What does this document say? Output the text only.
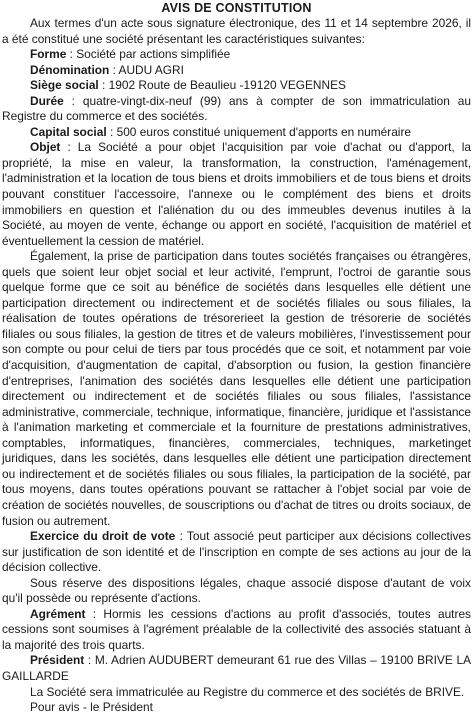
AVIS DE CONSTITUTION

Aux termes d'un acte sous signature électronique, des 11 et 14 septembre 2026, il a été constitué une société présentant les caractéristiques suivantes:

Forme : Société par actions simplifiée

Dénomination : AUDU AGRI

Siège social : 1902 Route de Beaulieu -19120 VEGENNES

Durée : quatre-vingt-dix-neuf (99) ans à compter de son immatriculation au Registre du commerce et des sociétés.

Capital social : 500 euros constitué uniquement d'apports en numéraire

Objet : La Société a pour objet l'acquisition par voie d'achat ou d'apport, la propriété, la mise en valeur, la transformation, la construction, l'aménagement, l'administration et la location de tous biens et droits immobiliers et de tous biens et droits pouvant constituer l'accessoire, l'annexe ou le complément des biens et droits immobiliers en question et l'aliénation du ou des immeubles devenus inutiles à la Société, au moyen de vente, échange ou apport en société, l'acquisition de matériel et éventuellement la cession de matériel.

Également, la prise de participation dans toutes sociétés françaises ou étrangères, quels que soient leur objet social et leur activité, l'emprunt, l'octroi de garantie sous quelque forme que ce soit au bénéfice de sociétés dans lesquelles elle détient une participation directement ou indirectement et de sociétés filiales ou sous filiales, la réalisation de toutes opérations de trésorerieet la gestion de trésorerie de sociétés filiales ou sous filiales, la gestion de titres et de valeurs mobilières, l'investissement pour son compte ou pour celui de tiers par tous procédés que ce soit, et notamment par voie d'acquisition, d'augmentation de capital, d'absorption ou fusion, la gestion financière d'entreprises, l'animation des sociétés dans lesquelles elle détient une participation directement ou indirectement et de sociétés filiales ou sous filiales, l'assistance administrative, commerciale, technique, informatique, financière, juridique et l'assistance à l'animation marketing et commerciale et la fourniture de prestations administratives, comptables, informatiques, financières, commerciales, techniques, marketinget juridiques, dans les sociétés, dans lesquelles elle détient une participation directement ou indirectement et de sociétés filiales ou sous filiales, la participation de la société, par tous moyens, dans toutes opérations pouvant se rattacher à l'objet social par voie de création de sociétés nouvelles, de souscriptions ou d'achat de titres ou droits sociaux, de fusion ou autrement.

Exercice du droit de vote : Tout associé peut participer aux décisions collectives sur justification de son identité et de l'inscription en compte de ses actions au jour de la décision collective.

Sous réserve des dispositions légales, chaque associé dispose d'autant de voix qu'il possède ou représente d'actions.

Agrément : Hormis les cessions d'actions au profit d'associés, toutes autres cessions sont soumises à l'agrément préalable de la collectivité des associés statuant à la majorité des trois quarts.

Président : M. Adrien AUDUBERT demeurant 61 rue des Villas – 19100 BRIVE LA GAILLARDE

La Société sera immatriculée au Registre du commerce et des sociétés de BRIVE.

Pour avis - le Président
